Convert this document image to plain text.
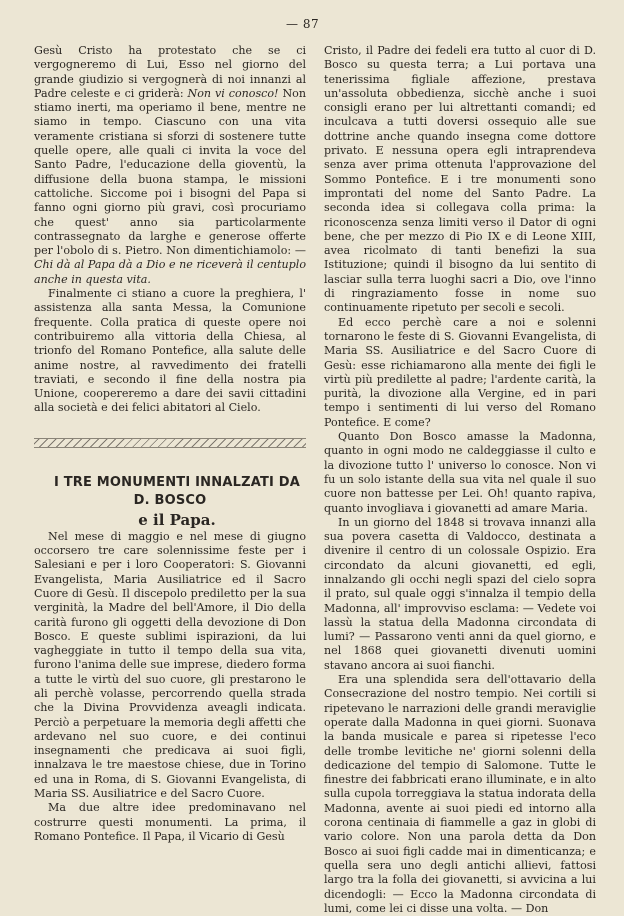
— 87

Gesù Cristo ha protestato che se ci vergogneremo di Lui, Esso nel giorno del grande giudizio si vergognerà di noi innanzi al Padre celeste e ci griderà: Non vi conosco! Non stiamo inerti, ma operiamo il bene, mentre ne siamo in tempo. Ciascuno con una vita veramente cristiana si sforzi di sostenere tutte quelle opere, alle quali ci invita la voce del Santo Padre, l'educazione della gioventù, la diffusione della buona stampa, le missioni cattoliche. Siccome poi i bisogni del Papa si fanno ogni giorno più gravi, così procuriamo che quest' anno sia particolarmente contrassegnato da larghe e generose offerte per l'obolo di s. Pietro. Non dimentichiamolo: — Chi dà al Papa dà a Dio e ne riceverà il centuplo anche in questa vita.

Finalmente ci stiano a cuore la preghiera, l' assistenza alla santa Messa, la Comunione frequente. Colla pratica di queste opere noi contribuiremo alla vittoria della Chiesa, al trionfo del Romano Pontefice, alla salute delle anime nostre, al ravvedimento dei fratelli traviati, e secondo il fine della nostra pia Unione, coopereremo a dare dei savii cittadini alla società e dei felici abitatori al Cielo.

I TRE MONUMENTI INNALZATI DA D. BOSCO

e il Papa.

Nel mese di maggio e nel mese di giugno occorsero tre care solennissime feste per i Salesiani e per i loro Cooperatori: S. Giovanni Evangelista, Maria Ausiliatrice ed il Sacro Cuore di Gesù. Il discepolo prediletto per la sua verginità, la Madre del bell'Amore, il Dio della carità furono gli oggetti della devozione di Don Bosco. E queste sublimi ispirazioni, da lui vagheggiate in tutto il tempo della sua vita, furono l'anima delle sue imprese, diedero forma a tutte le virtù del suo cuore, gli prestarono le ali perchè volasse, percorrendo quella strada che la Divina Provvidenza aveagli indicata. Perciò a perpetuare la memoria degli affetti che ardevano nel suo cuore, e dei continui insegnamenti che predicava ai suoi figli, innalzava le tre maestose chiese, due in Torino ed una in Roma, di S. Giovanni Evangelista, di Maria SS. Ausiliatrice e del Sacro Cuore.

Ma due altre idee predominavano nel costrurre questi monumenti. La prima, il Romano Pontefice. Il Papa, il Vicario di Gesù

Cristo, il Padre dei fedeli era tutto al cuor di D. Bosco su questa terra; a Lui portava una tenerissima figliale affezione, prestava un'assoluta obbedienza, sicchè anche i suoi consigli erano per lui altrettanti comandi; ed inculcava a tutti doversi ossequio alle sue dottrine anche quando insegna come dottore privato. E nessuna opera egli intraprendeva senza aver prima ottenuta l'approvazione del Sommo Pontefice. E i tre monumenti sono improntati del nome del Santo Padre. La seconda idea si collegava colla prima: la riconoscenza senza limiti verso il Dator di ogni bene, che per mezzo di Pio IX e di Leone XIII, avea ricolmato di tanti benefizi la sua Istituzione; quindi il bisogno da lui sentito di lasciar sulla terra luoghi sacri a Dio, ove l'inno di ringraziamento fosse in nome suo continuamente ripetuto per secoli e secoli.

Ed ecco perchè care a noi e solenni tornarono le feste di S. Giovanni Evangelista, di Maria SS. Ausiliatrice e del Sacro Cuore di Gesù: esse richiamarono alla mente dei figli le virtù più predilette al padre; l'ardente carità, la purità, la divozione alla Vergine, ed in pari tempo i sentimenti di lui verso del Romano Pontefice. E come?

Quanto Don Bosco amasse la Madonna, quanto in ogni modo ne caldeggiasse il culto e la divozione tutto l' universo lo conosce. Non vi fu un solo istante della sua vita nel quale il suo cuore non battesse per Lei. Oh! quanto rapiva, quanto invogliava i giovanetti ad amare Maria.

In un giorno del 1848 si trovava innanzi alla sua povera casetta di Valdocco, destinata a divenire il centro di un colossale Ospizio. Era circondato da alcuni giovanetti, ed egli, innalzando gli occhi negli spazi del cielo sopra il prato, sul quale oggi s'innalza il tempio della Madonna, all' improvviso esclama: — Vedete voi lassù la statua della Madonna circondata di lumi? — Passarono venti anni da quel giorno, e nel 1868 quei giovanetti divenuti uomini stavano ancora ai suoi fianchi.

Era una splendida sera dell'ottavario della Consecrazione del nostro tempio. Nei cortili si ripetevano le narrazioni delle grandi meraviglie operate dalla Madonna in quei giorni. Suonava la banda musicale e parea si ripetesse l'eco delle trombe levitiche ne' giorni solenni della dedicazione del tempio di Salomone. Tutte le finestre dei fabbricati erano illuminate, e in alto sulla cupola torreggiava la statua indorata della Madonna, avente ai suoi piedi ed intorno alla corona centinaia di fiammelle a gaz in globi di vario colore. Non una parola detta da Don Bosco ai suoi figli cadde mai in dimenticanza; e quella sera uno degli antichi allievi, fattosi largo tra la folla dei giovanetti, si avvicina a lui dicendogli: — Ecco la Madonna circondata di lumi, come lei ci disse una volta. — Don
